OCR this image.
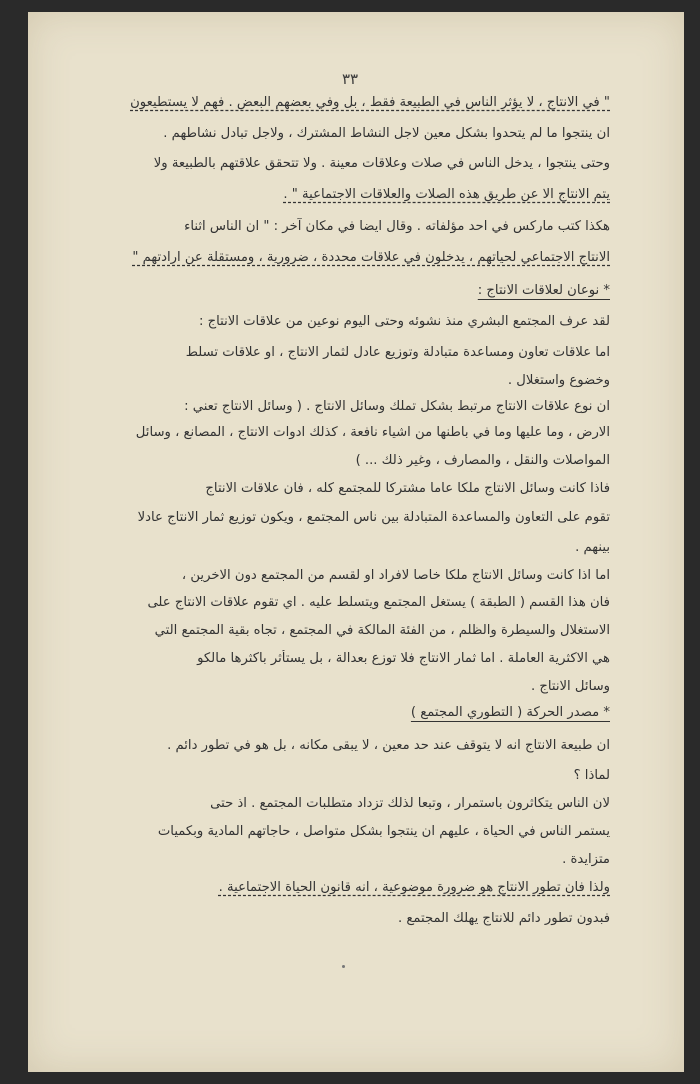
٣٣
" في الانتاج ، لا يؤثر الناس في الطبيعة فقط ، بل وفي بعضهم البعض . فهم لا يستطيعون
ان ينتجوا ما لم يتحدوا بشكل معين لاجل النشاط المشترك ، ولاجل تبادل نشاطهم .
وحتى ينتجوا ، يدخل الناس في صلات وعلاقات معينة . ولا تتحقق علاقتهم بالطبيعة ولا
يتم الانتاج الا عن طريق هذه الصلات والعلاقات الاجتماعية " .
هكذا كتب ماركس في احد مؤلفاته . وقال ايضا في مكان آخر : " ان الناس اثناء
الانتاج الاجتماعي لحياتهم ، يدخلون في علاقات محددة ، ضرورية ، ومستقلة عن ارادتهم "
* نوعان لعلاقات الانتاج :
لقد عرف المجتمع البشري منذ نشوئه وحتى اليوم نوعين من علاقات الانتاج :
اما علاقات تعاون ومساعدة متبادلة وتوزيع عادل لثمار الانتاج ، او علاقات تسلط
وخضوع واستغلال .
ان نوع علاقات الانتاج مرتبط بشكل تملك وسائل الانتاج . ( وسائل الانتاج تعني :
الارض ، وما عليها وما في باطنها من اشياء نافعة ، كذلك ادوات الانتاج ، المصانع ، وسائل
المواصلات والنقل ، والمصارف ، وغير ذلك ... )
فاذا كانت وسائل الانتاج ملكا عاما مشتركا للمجتمع كله ، فان علاقات الانتاج
تقوم على التعاون والمساعدة المتبادلة بين ناس المجتمع ، ويكون توزيع ثمار الانتاج عادلا
بينهم .
اما اذا كانت وسائل الانتاج ملكا خاصا لافراد او لقسم من المجتمع دون الاخرين ،
فان هذا القسم ( الطبقة ) يستغل المجتمع ويتسلط عليه . اي تقوم علاقات الانتاج على
الاستغلال والسيطرة والظلم ، من الفئة المالكة في المجتمع ، تجاه بقية المجتمع التي
هي الاكثرية العاملة . اما ثمار الانتاج فلا توزع بعدالة ، بل يستأثر باكثرها مالكو
وسائل الانتاج .
* مصدر الحركة ( التطوري المجتمع )
ان طبيعة الانتاج انه لا يتوقف عند حد معين ، لا يبقى مكانه ، بل هو في تطور دائم .
لماذا ؟
لان الناس يتكاثرون باستمرار ، وتبعا لذلك تزداد متطلبات المجتمع . اذ حتى
يستمر الناس في الحياة ، عليهم ان ينتجوا بشكل متواصل ، حاجاتهم المادية وبكميات
متزايدة .
ولذا فان تطور الانتاج هو ضرورة موضوعية ، انه قانون الحياة الاجتماعية .
فبدون تطور دائم للانتاج يهلك المجتمع .
